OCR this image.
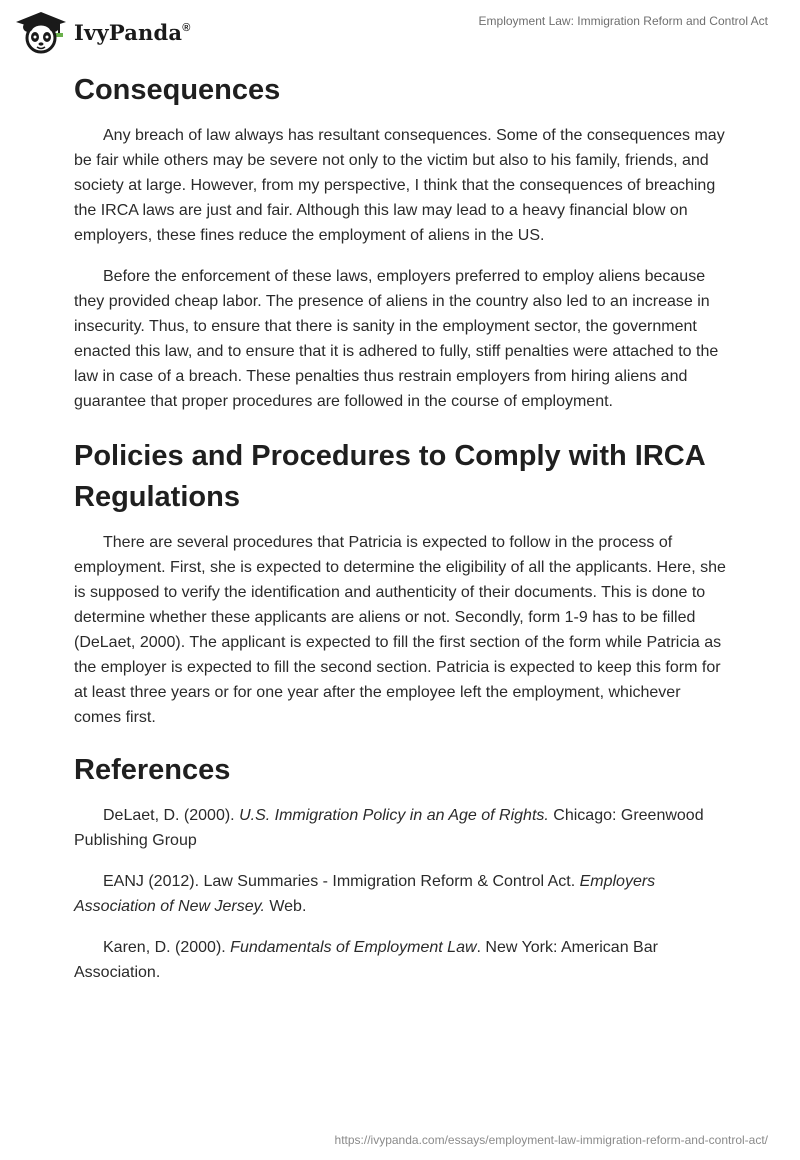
IvyPanda®	Employment Law: Immigration Reform and Control Act
Consequences

Any breach of law always has resultant consequences. Some of the consequences may be fair while others may be severe not only to the victim but also to his family, friends, and society at large. However, from my perspective, I think that the consequences of breaching the IRCA laws are just and fair. Although this law may lead to a heavy financial blow on employers, these fines reduce the employment of aliens in the US.

Before the enforcement of these laws, employers preferred to employ aliens because they provided cheap labor. The presence of aliens in the country also led to an increase in insecurity. Thus, to ensure that there is sanity in the employment sector, the government enacted this law, and to ensure that it is adhered to fully, stiff penalties were attached to the law in case of a breach. These penalties thus restrain employers from hiring aliens and guarantee that proper procedures are followed in the course of employment.

Policies and Procedures to Comply with IRCA Regulations

There are several procedures that Patricia is expected to follow in the process of employment. First, she is expected to determine the eligibility of all the applicants. Here, she is supposed to verify the identification and authenticity of their documents. This is done to determine whether these applicants are aliens or not. Secondly, form 1-9 has to be filled (DeLaet, 2000). The applicant is expected to fill the first section of the form while Patricia as the employer is expected to fill the second section. Patricia is expected to keep this form for at least three years or for one year after the employee left the employment, whichever comes first.

References

DeLaet, D. (2000). U.S. Immigration Policy in an Age of Rights. Chicago: Greenwood Publishing Group

EANJ (2012). Law Summaries - Immigration Reform & Control Act. Employers Association of New Jersey. Web.

Karen, D. (2000). Fundamentals of Employment Law. New York: American Bar Association.

https://ivypanda.com/essays/employment-law-immigration-reform-and-control-act/
